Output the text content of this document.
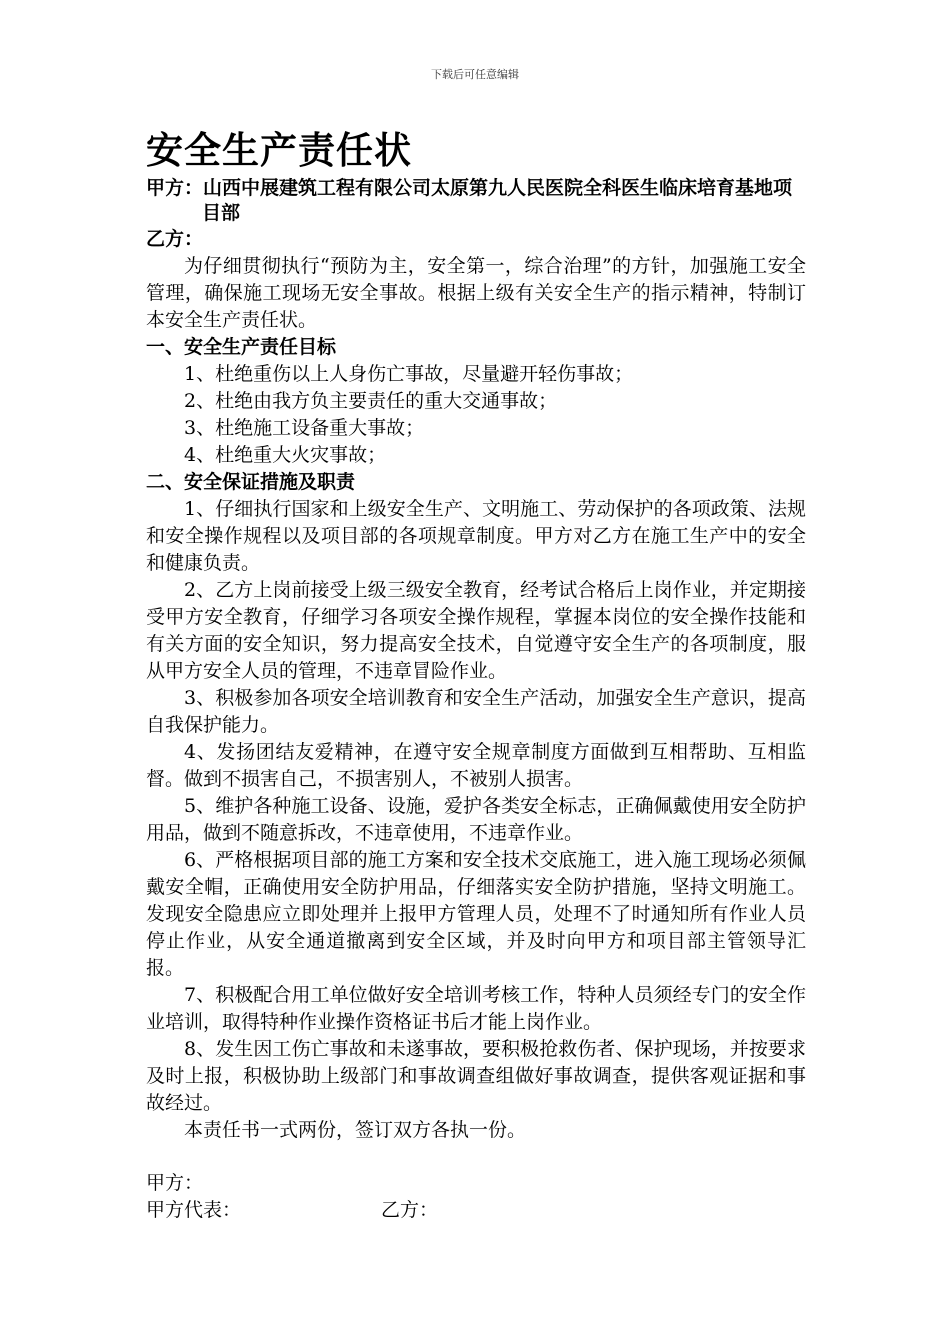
下载后可任意编辑
安全生产责任状

甲方：山西中展建筑工程有限公司太原第九人民医院全科医生临床培育基地项目部

乙方：

为仔细贯彻执行“预防为主，安全第一，综合治理”的方针，加强施工安全管理，确保施工现场无安全事故。根据上级有关安全生产的指示精神，特制订本安全生产责任状。

一、安全生产责任目标

1、杜绝重伤以上人身伤亡事故，尽量避开轻伤事故；

2、杜绝由我方负主要责任的重大交通事故；

3、杜绝施工设备重大事故；

4、杜绝重大火灾事故；

二、安全保证措施及职责

1、仔细执行国家和上级安全生产、文明施工、劳动保护的各项政策、法规和安全操作规程以及项目部的各项规章制度。甲方对乙方在施工生产中的安全和健康负责。

2、乙方上岗前接受上级三级安全教育，经考试合格后上岗作业，并定期接受甲方安全教育，仔细学习各项安全操作规程，掌握本岗位的安全操作技能和有关方面的安全知识，努力提高安全技术，自觉遵守安全生产的各项制度，服从甲方安全人员的管理，不违章冒险作业。

3、积极参加各项安全培训教育和安全生产活动，加强安全生产意识，提高自我保护能力。

4、发扬团结友爱精神，在遵守安全规章制度方面做到互相帮助、互相监督。做到不损害自己，不损害别人，不被别人损害。

5、维护各种施工设备、设施，爱护各类安全标志，正确佩戴使用安全防护用品，做到不随意拆改，不违章使用，不违章作业。

6、严格根据项目部的施工方案和安全技术交底施工，进入施工现场必须佩戴安全帽，正确使用安全防护用品，仔细落实安全防护措施，坚持文明施工。发现安全隐患应立即处理并上报甲方管理人员，处理不了时通知所有作业人员停止作业，从安全通道撤离到安全区域，并及时向甲方和项目部主管领导汇报。

7、积极配合用工单位做好安全培训考核工作，特种人员须经专门的安全作业培训，取得特种作业操作资格证书后才能上岗作业。

8、发生因工伤亡事故和未遂事故，要积极抢救伤者、保护现场，并按要求及时上报，积极协助上级部门和事故调查组做好事故调查，提供客观证据和事故经过。

本责任书一式两份，签订双方各执一份。

甲方：

甲方代表：	乙方：
